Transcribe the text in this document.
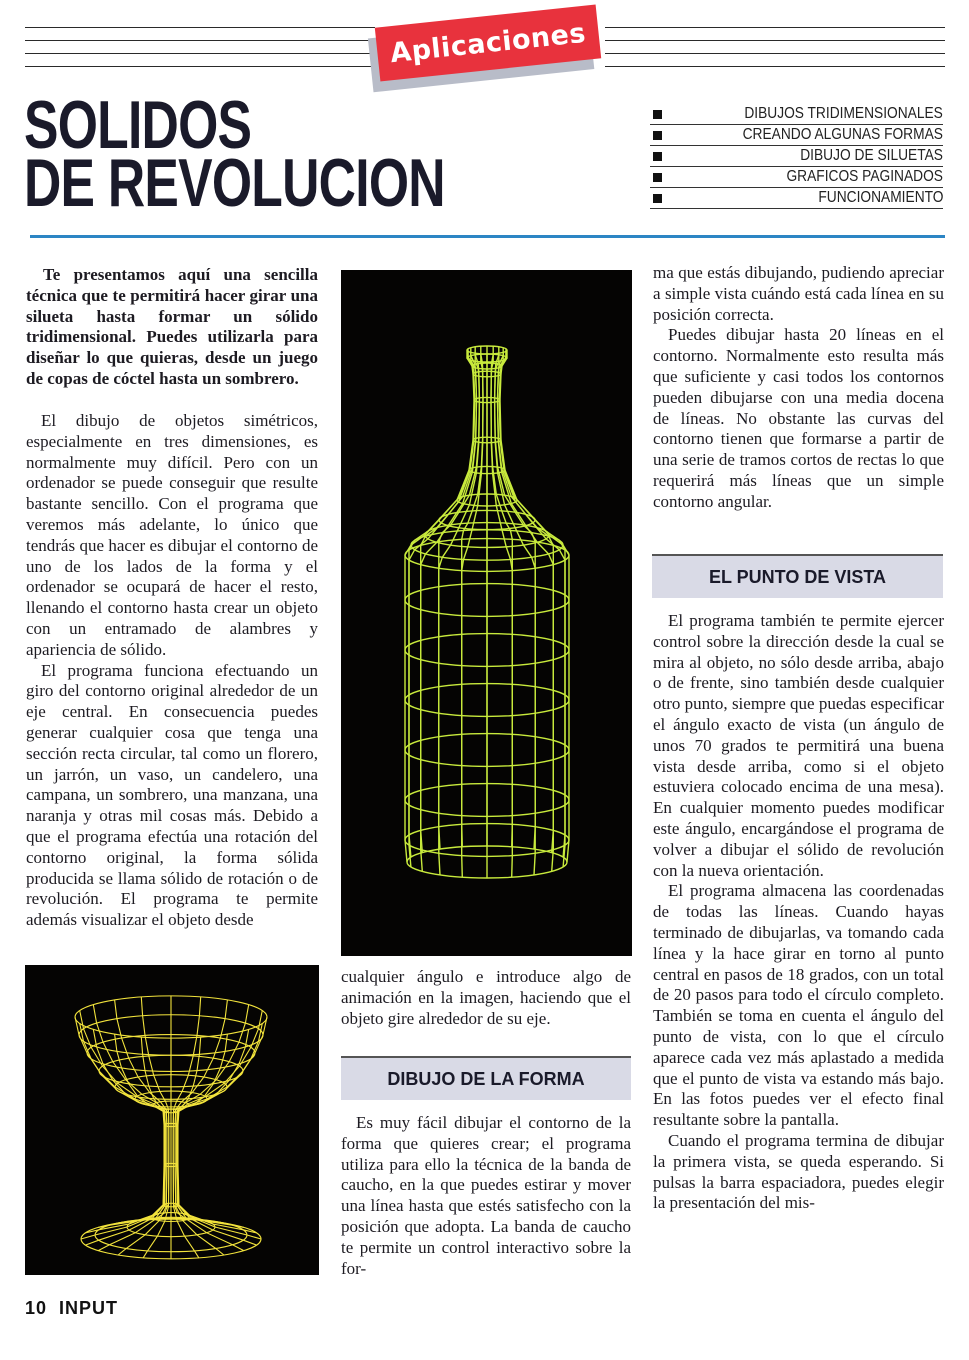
Aplicaciones
SOLIDOS
DE REVOLUCION
DIBUJOS TRIDIMENSIONALES
CREANDO ALGUNAS FORMAS
DIBUJO DE SILUETAS
GRAFICOS PAGINADOS
FUNCIONAMIENTO

Te presentamos aquí una sencilla técnica que te permitirá hacer girar una silueta hasta formar un sólido tridimensional. Puedes utilizarla para diseñar lo que quieras, desde un juego de copas de cóctel hasta un sombrero.

El dibujo de objetos simétricos, especialmente en tres dimensiones, es normalmente muy difícil. Pero con un ordenador se puede conseguir que resulte bastante sencillo. Con el programa que veremos más adelante, lo único que tendrás que hacer es dibujar el contorno de uno de los lados de la forma y el ordenador se ocupará de hacer el resto, llenando el contorno hasta crear un objeto con un entramado de alambres y apariencia de sólido.

El programa funciona efectuando un giro del contorno original alrededor de un eje central. En consecuencia puedes generar cualquier cosa que tenga una sección recta circular, tal como un florero, un jarrón, un vaso, un candelero, una campana, un sombrero, una manzana, una naranja y otras mil cosas más. Debido a que el programa efectúa una rotación del contorno original, la forma sólida producida se llama sólido de rotación o de revolución. El programa te permite además visualizar el objeto desde

cualquier ángulo e introduce algo de animación en la imagen, haciendo que el objeto gire alrededor de su eje.

DIBUJO DE LA FORMA

Es muy fácil dibujar el contorno de la forma que quieres crear; el programa utiliza para ello la técnica de la banda de caucho, en la que puedes estirar y mover una línea hasta que estés satisfecho con la posición que adopta. La banda de caucho te permite un control interactivo sobre la for-

ma que estás dibujando, pudiendo apreciar a simple vista cuándo está cada línea en su posición correcta.

Puedes dibujar hasta 20 líneas en el contorno. Normalmente esto resulta más que suficiente y casi todos los contornos pueden dibujarse con una media docena de líneas. No obstante las curvas del contorno tienen que formarse a partir de una serie de tramos cortos de rectas lo que requerirá más líneas que un simple contorno angular.

EL PUNTO DE VISTA

El programa también te permite ejercer control sobre la dirección desde la cual se mira al objeto, no sólo desde arriba, abajo o de frente, sino también desde cualquier otro punto, siempre que puedas especificar el ángulo exacto de vista (un ángulo de unos 70 grados te permitirá una buena vista desde arriba, como si el objeto estuviera colocado encima de una mesa). En cualquier momento puedes modificar este ángulo, encargándose el programa de volver a dibujar el sólido de revolución con la nueva orientación.

El programa almacena las coordenadas de todas las líneas. Cuando hayas terminado de dibujarlas, va tomando cada línea y la hace girar en torno al punto central en pasos de 18 grados, con un total de 20 pasos para todo el círculo completo. También se toma en cuenta el ángulo del punto de vista, con lo que el círculo aparece cada vez más aplastado a medida que el punto de vista va estando más bajo. En las fotos puedes ver el efecto final resultante sobre la pantalla.

Cuando el programa termina de dibujar la primera vista, se queda esperando. Si pulsas la barra espaciadora, puedes elegir la presentación del mis-

10 INPUT
